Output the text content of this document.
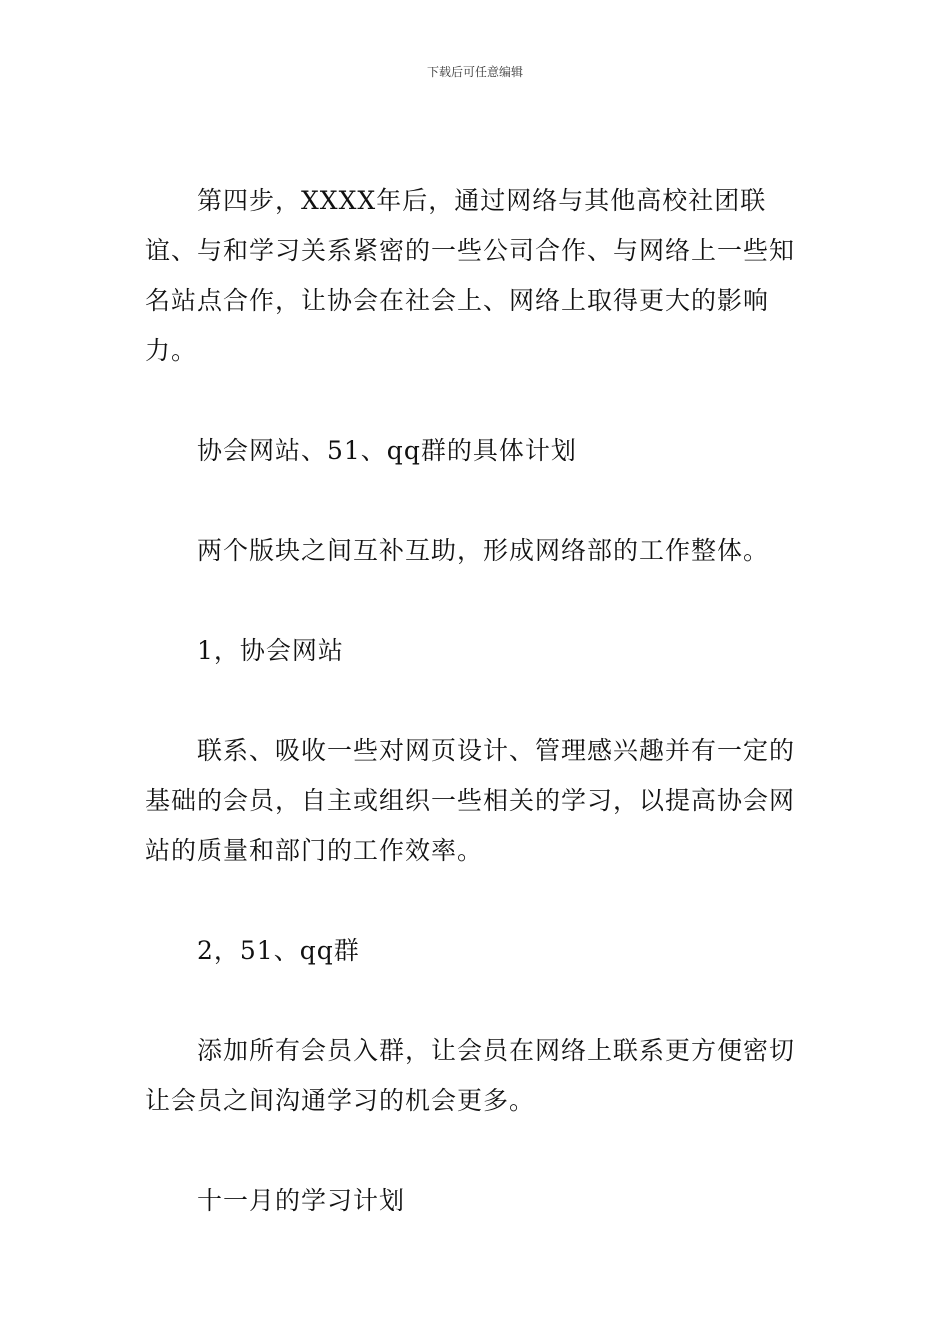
下载后可任意编辑

第四步，XXXX年后，通过网络与其他高校社团联谊、与和学习关系紧密的一些公司合作、与网络上一些知名站点合作，让协会在社会上、网络上取得更大的影响力。

协会网站、51、qq群的具体计划

两个版块之间互补互助，形成网络部的工作整体。

1，协会网站

联系、吸收一些对网页设计、管理感兴趣并有一定的基础的会员，自主或组织一些相关的学习，以提高协会网站的质量和部门的工作效率。

2，51、qq群

添加所有会员入群，让会员在网络上联系更方便密切让会员之间沟通学习的机会更多。

十一月的学习计划
